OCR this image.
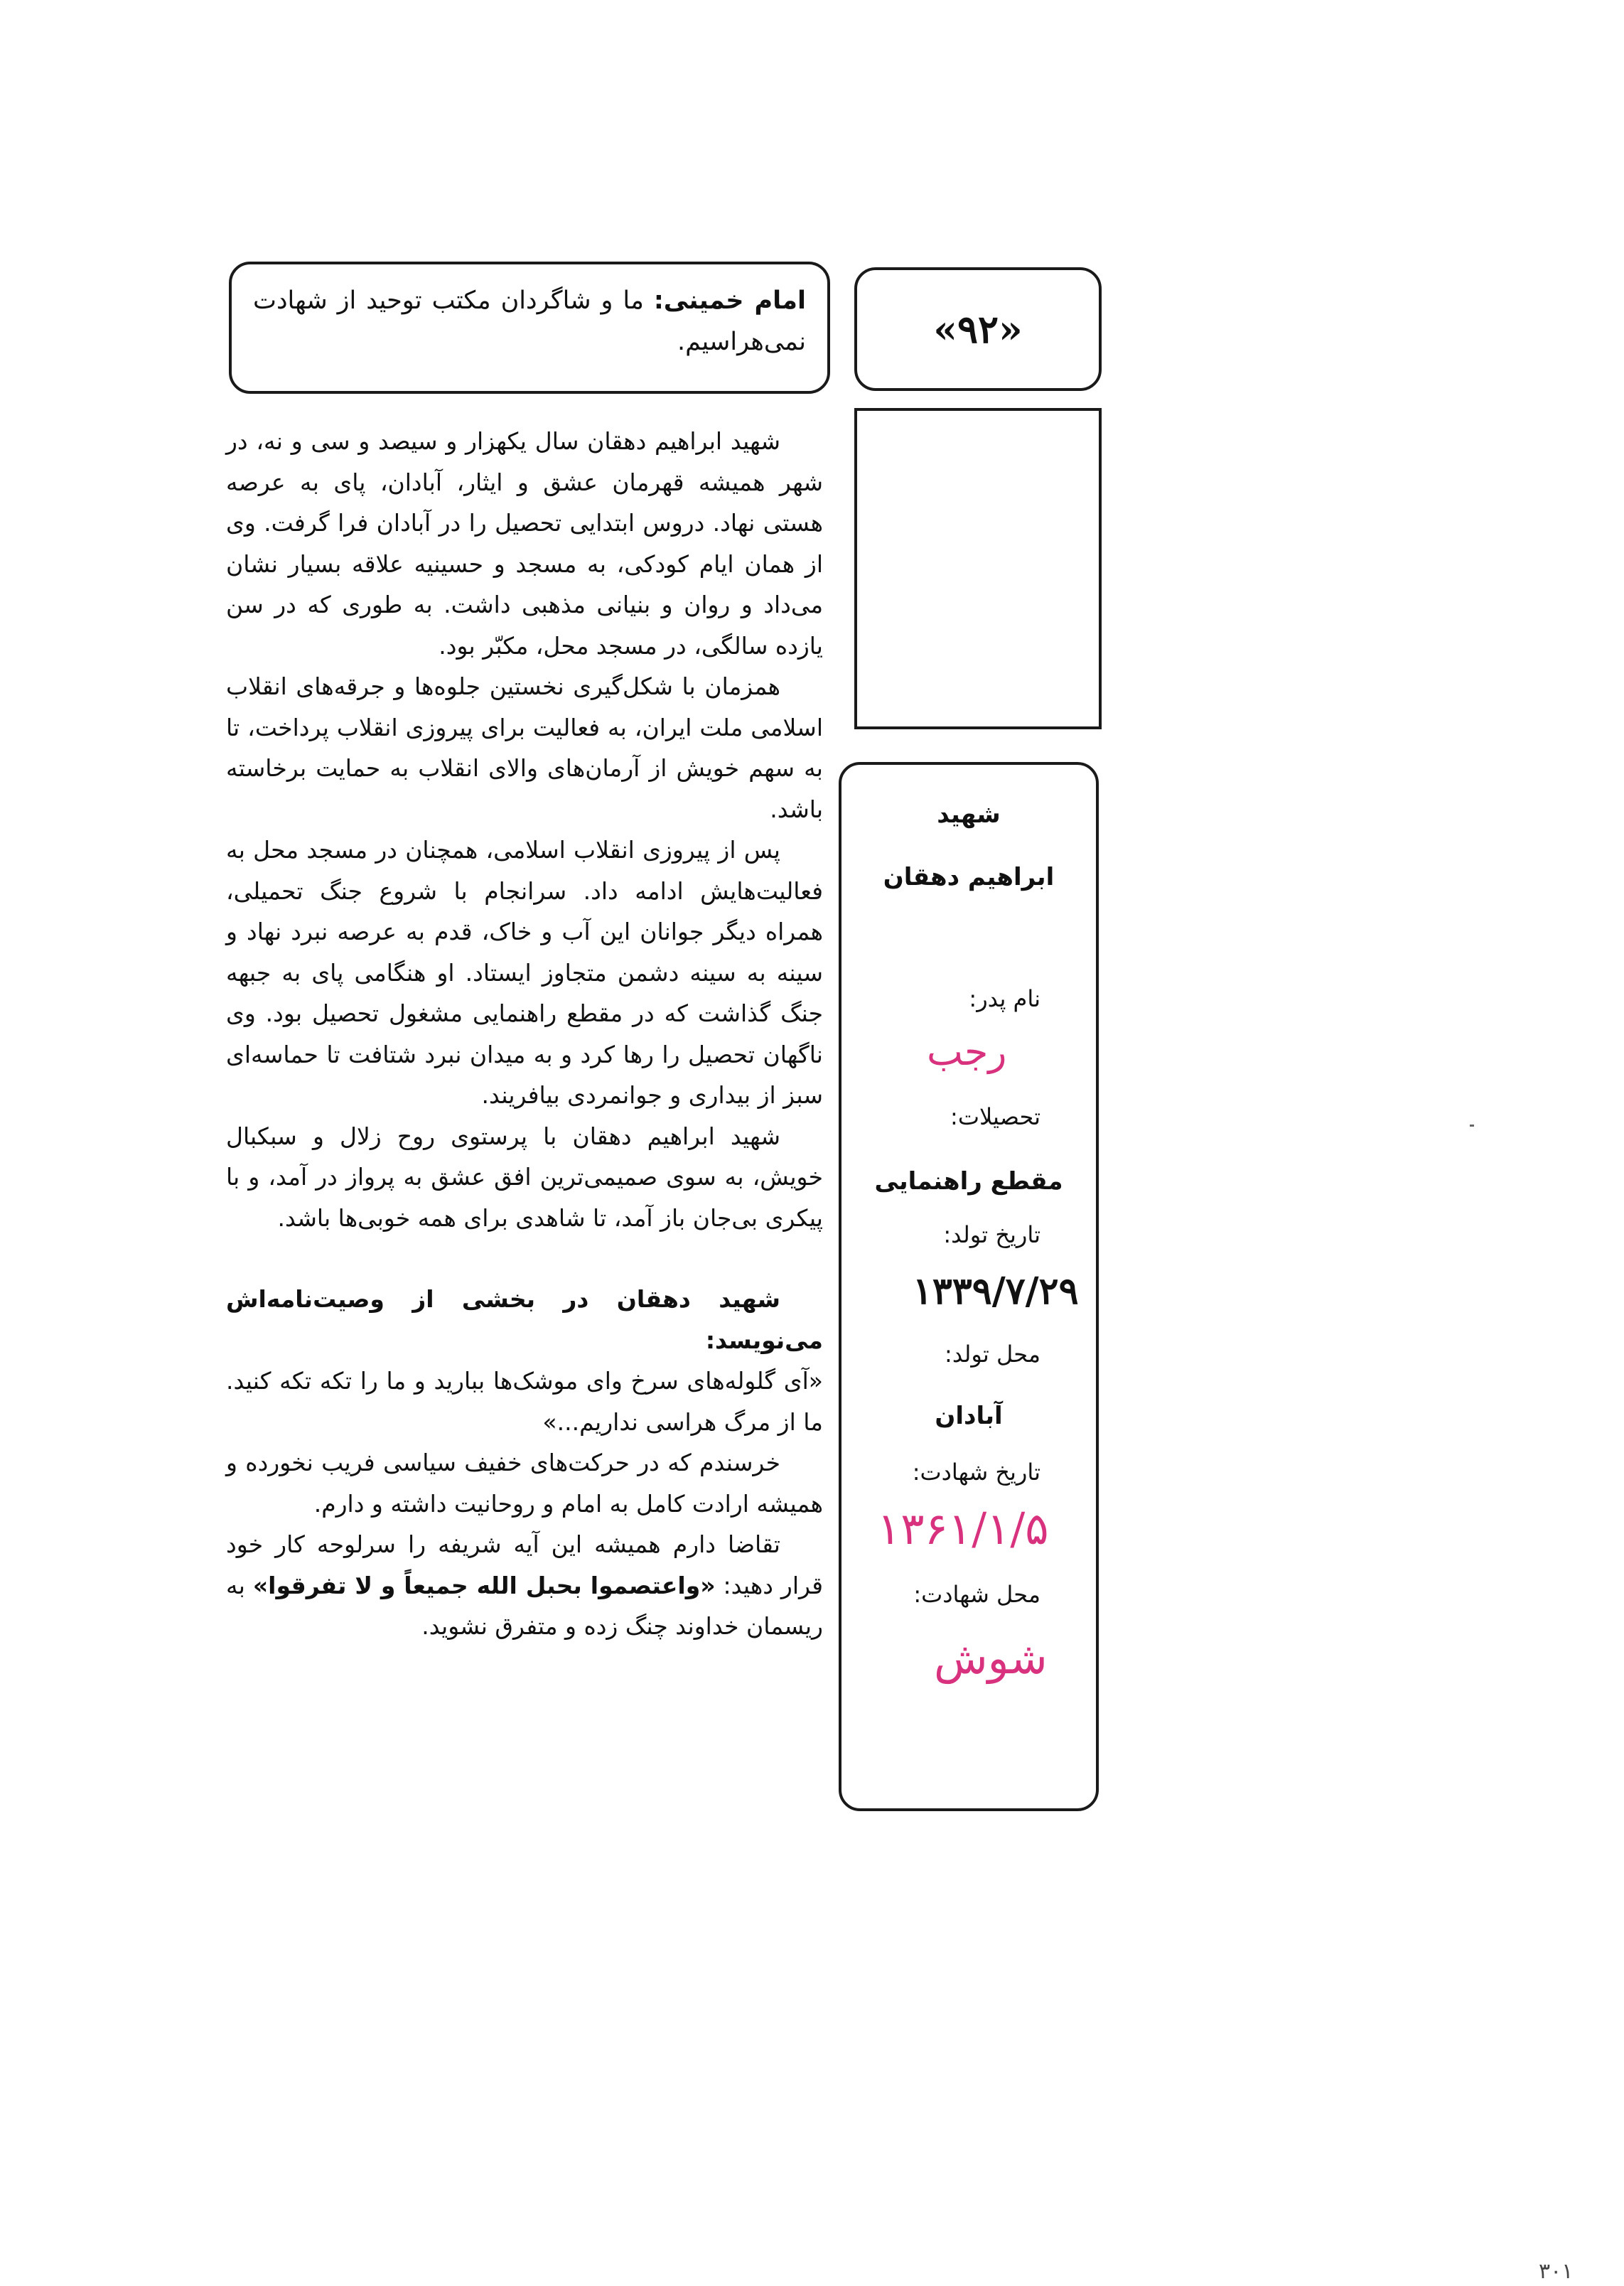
امام خمینی: ما و شاگردان مکتب توحید از شهادت نمی‌هراسیم.	«۹۲»
شهید
ابراهیم دهقان
نام پدر:
رجب
تحصیلات:
مقطع راهنمایی
تاریخ تولد:
۱۳۳۹/۷/۲۹
محل تولد:
آبادان
تاریخ شهادت:
۱۳۶۱/۱/۵
محل شهادت:
شوش

شهید ابراهیم دهقان سال یکهزار و سیصد و سی و نه، در شهر همیشه قهرمان عشق و ایثار، آبادان، پای به عرصه هستی نهاد. دروس ابتدایی تحصیل را در آبادان فرا گرفت. وی از همان ایام کودکی، به مسجد و حسینیه علاقه بسیار نشان می‌داد و روان و بنیانی مذهبی داشت. به طوری که در سن یازده سالگی، در مسجد محل، مکبّر بود.

همزمان با شکل‌گیری نخستین جلوه‌ها و جرقه‌های انقلاب اسلامی ملت ایران، به فعالیت برای پیروزی انقلاب پرداخت، تا به سهم خویش از آرمان‌های والای انقلاب به حمایت برخاسته باشد.

پس از پیروزی انقلاب اسلامی، همچنان در مسجد محل به فعالیت‌هایش ادامه داد. سرانجام با شروع جنگ تحمیلی، همراه دیگر جوانان این آب و خاک، قدم به عرصه نبرد نهاد و سینه به سینه دشمن متجاوز ایستاد. او هنگامی پای به جبهه جنگ گذاشت که در مقطع راهنمایی مشغول تحصیل بود. وی ناگهان تحصیل را رها کرد و به میدان نبرد شتافت تا حماسه‌ای سبز از بیداری و جوانمردی بیافریند.

شهید ابراهیم دهقان با پرستوی روح زلال و سبکبال خویش، به سوی صمیمی‌ترین افق عشق به پرواز در آمد، و با پیکری بی‌جان باز آمد، تا شاهدی برای همه خوبی‌ها باشد.

شهید دهقان در بخشی از وصیت‌نامه‌اش می‌نویسد:

«آی گلوله‌های سرخ وای موشک‌ها ببارید و ما را تکه تکه کنید. ما از مرگ هراسی نداریم...»

خرسندم که در حرکت‌های خفیف سیاسی فریب نخورده و همیشه ارادت کامل به امام و روحانیت داشته و دارم.

تقاضا دارم همیشه این آیه شریفه را سرلوحه کار خود قرار دهید: «واعتصموا بحبل الله جمیعاً و لا تفرقوا» به ریسمان خداوند چنگ زده و متفرق نشوید.

۳۰۱
